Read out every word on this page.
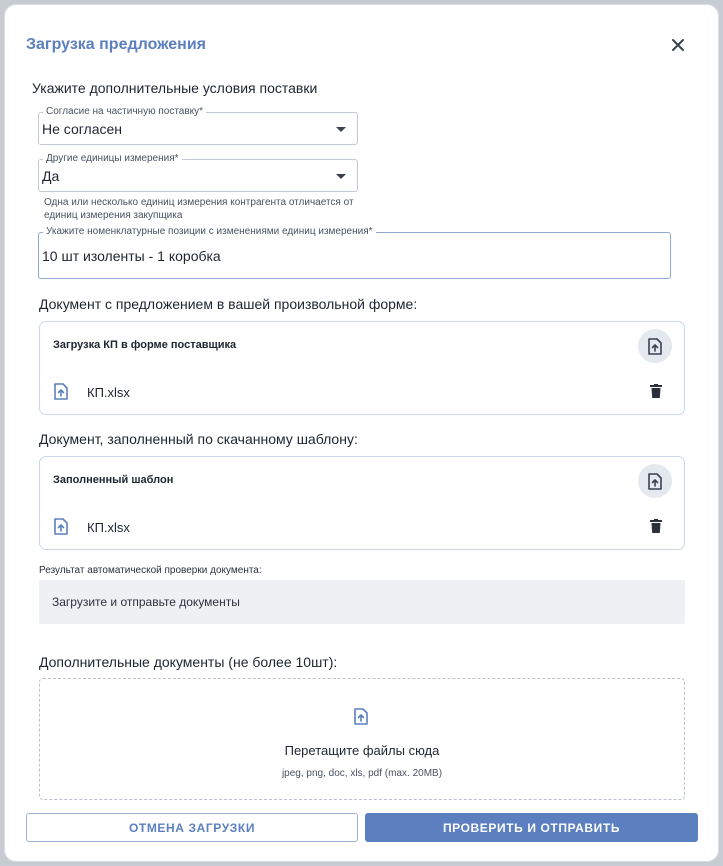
Загрузка предложения
Укажите дополнительные условия поставки
Согласие на частичную поставку*
Не согласен
Другие единицы измерения*
Да
Одна или несколько единиц измерения контрагента отличается от единиц измерения закупщика
Укажите номенклатурные позиции с изменениями единиц измерения*
10 шт изоленты - 1 коробка
Документ с предложением в вашей произвольной форме:
Загрузка КП в форме поставщика
КП.xlsx
Документ, заполненный по скачанному шаблону:
Заполненный шаблон
КП.xlsx
Результат автоматической проверки документа:
Загрузите и отправьте документы
Дополнительные документы (не более 10шт):
Перетащите файлы сюда
jpeg, png, doc, xls, pdf (max. 20MB)
ОТМЕНА ЗАГРУЗКИ	ПРОВЕРИТЬ И ОТПРАВИТЬ
